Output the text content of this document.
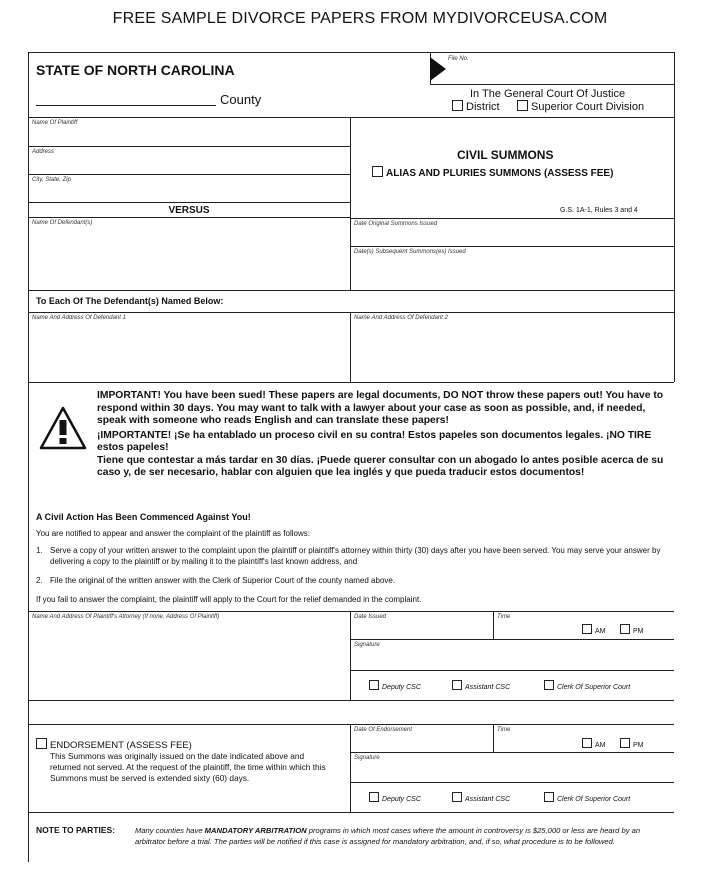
FREE SAMPLE DIVORCE PAPERS FROM MYDIVORCEUSA.COM
STATE OF NORTH CAROLINA
County
File No.
In The General Court Of Justice
District	Superior Court Division
Name Of Plaintiff
Address
City, State, Zip
VERSUS
Name Of Defendant(s)
CIVIL SUMMONS
ALIAS AND PLURIES SUMMONS (ASSESS FEE)
G.S. 1A-1, Rules 3 and 4
Date Original Summons Issued
Date(s) Subsequent Summons(es) Issued
To Each Of The Defendant(s) Named Below:
Name And Address Of Defendant 1	Name And Address Of Defendant 2

IMPORTANT! You have been sued! These papers are legal documents, DO NOT throw these papers out! You have to respond within 30 days. You may want to talk with a lawyer about your case as soon as possible, and, if needed, speak with someone who reads English and can translate these papers!

¡IMPORTANTE! ¡Se ha entablado un proceso civil en su contra! Estos papeles son documentos legales. ¡NO TIRE estos papeles!

Tiene que contestar a más tardar en 30 días. ¡Puede querer consultar con un abogado lo antes posible acerca de su caso y, de ser necesario, hablar con alguien que lea inglés y que pueda traducir estos documentos!

A Civil Action Has Been Commenced Against You!
You are notified to appear and answer the complaint of the plaintiff as follows:
1. Serve a copy of your written answer to the complaint upon the plaintiff or plaintiff's attorney within thirty (30) days after you have been served. You may serve your answer by delivering a copy to the plaintiff or by mailing it to the plaintiff's last known address, and

2. File the original of the written answer with the Clerk of Superior Court of the county named above.

If you fail to answer the complaint, the plaintiff will apply to the Court for the relief demanded in the complaint.
Name And Address Of Plaintiff's Attorney (If none, Address Of Plaintiff)	Date Issued	Time
AM	PM
Signature
Deputy CSC	Assistant CSC	Clerk Of Superior Court
ENDORSEMENT (ASSESS FEE)

This Summons was originally issued on the date indicated above and returned not served. At the request of the plaintiff, the time within which this Summons must be served is extended sixty (60) days.

Date Of Endorsement	Time
AM	PM
Signature
Deputy CSC	Assistant CSC	Clerk Of Superior Court
NOTE TO PARTIES:	Many counties have MANDATORY ARBITRATION programs in which most cases where the amount in controversy is $25,000 or less are heard by an arbitrator before a trial. The parties will be notified if this case is assigned for mandatory arbitration, and, if so, what procedure is to be followed.
